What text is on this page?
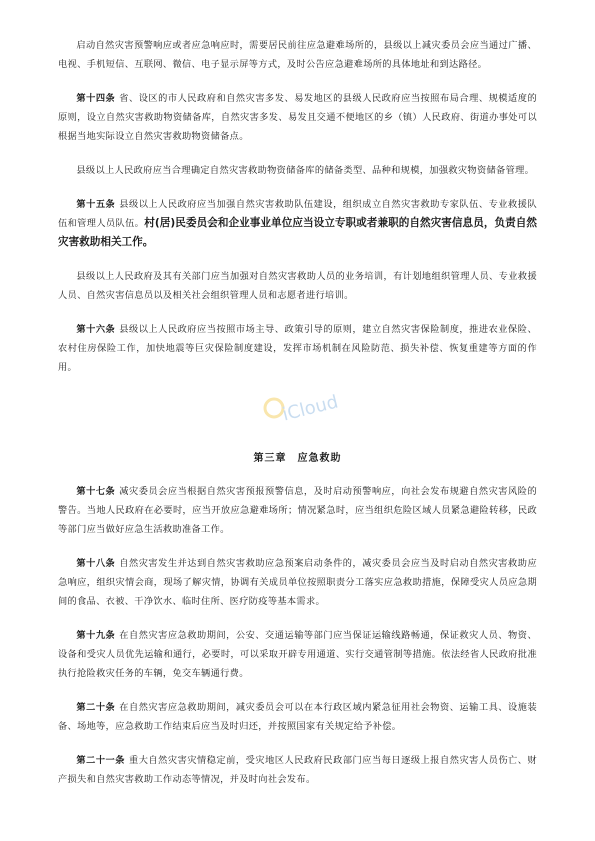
启动自然灾害预警响应或者应急响应时，需要居民前往应急避难场所的，县级以上减灾委员会应当通过广播、电视、手机短信、互联网、微信、电子显示屏等方式，及时公告应急避难场所的具体地址和到达路径。

第十四条 省、设区的市人民政府和自然灾害多发、易发地区的县级人民政府应当按照布局合理、规模适度的原则，设立自然灾害救助物资储备库，自然灾害多发、易发且交通不便地区的乡（镇）人民政府、街道办事处可以根据当地实际设立自然灾害救助物资储备点。

县级以上人民政府应当合理确定自然灾害救助物资储备库的储备类型、品种和规模，加强救灾物资储备管理。

第十五条 县级以上人民政府应当加强自然灾害救助队伍建设，组织成立自然灾害救助专家队伍、专业救援队伍和管理人员队伍。村(居)民委员会和企业事业单位应当设立专职或者兼职的自然灾害信息员，负责自然灾害救助相关工作。

县级以上人民政府及其有关部门应当加强对自然灾害救助人员的业务培训，有计划地组织管理人员、专业救援人员、自然灾害信息员以及相关社会组织管理人员和志愿者进行培训。

第十六条 县级以上人民政府应当按照市场主导、政策引导的原则，建立自然灾害保险制度，推进农业保险、农村住房保险工作，加快地震等巨灾保险制度建设，发挥市场机制在风险防范、损失补偿、恢复重建等方面的作用。

第三章　应急救助

第十七条 减灾委员会应当根据自然灾害预报预警信息，及时启动预警响应，向社会发布规避自然灾害风险的警告。当地人民政府在必要时，应当开放应急避难场所；情况紧急时，应当组织危险区域人员紧急避险转移，民政等部门应当做好应急生活救助准备工作。

第十八条 自然灾害发生并达到自然灾害救助应急预案启动条件的，减灾委员会应当及时启动自然灾害救助应急响应，组织灾情会商，现场了解灾情，协调有关成员单位按照职责分工落实应急救助措施，保障受灾人员应急期间的食品、衣被、干净饮水、临时住所、医疗防疫等基本需求。

第十九条 在自然灾害应急救助期间，公安、交通运输等部门应当保证运输线路畅通，保证救灾人员、物资、设备和受灾人员优先运输和通行，必要时，可以采取开辟专用通道、实行交通管制等措施。依法经省人民政府批准执行抢险救灾任务的车辆，免交车辆通行费。

第二十条 在自然灾害应急救助期间，减灾委员会可以在本行政区域内紧急征用社会物资、运输工具、设施装备、场地等，应急救助工作结束后应当及时归还，并按照国家有关规定给予补偿。

第二十一条 重大自然灾害灾情稳定前，受灾地区人民政府民政部门应当每日逐级上报自然灾害人员伤亡、财产损失和自然灾害救助工作动态等情况，并及时向社会发布。

iCloud
